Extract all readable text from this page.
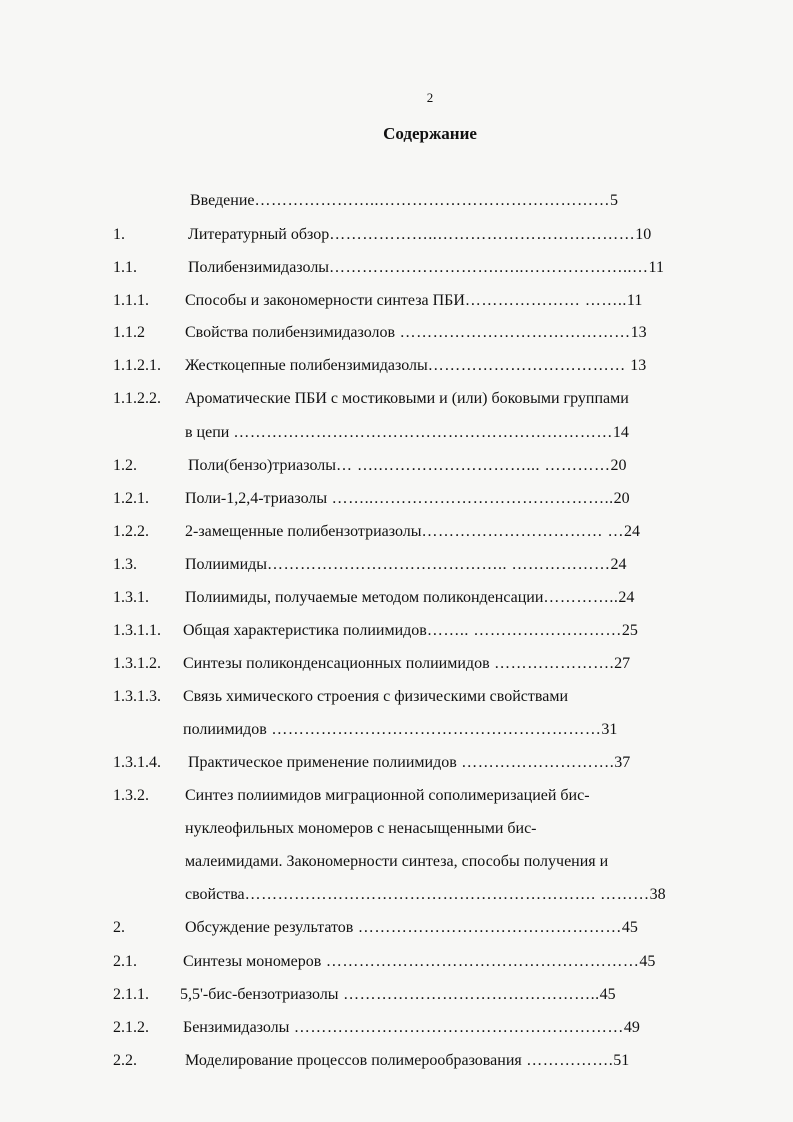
2
Содержание
Введение…………………..……………………………………5
1.	Литературный обзор………………..………………………………10
1.1.	Полибензимидазолы………………………….…..………………..…11
1.1.1. Способы и закономерности синтеза ПБИ………………… ……..11
1.1.2	Свойства полибензимидазолов ……………………………………13
1.1.2.1. Жесткоцепные полибензимидазолы……………………………… 13
1.1.2.2. Ароматические ПБИ с мостиковыми и (или) боковыми группами
в цепи ……………………………………………………………14
1.2.	Поли(бензо)триазолы… ….………………………... …………20
1.2.1. Поли-1,2,4-триазолы ……..……………………………………..20
1.2.2. 2-замещенные полибензотриазолы…………………………… …24
1.3.	Полиимиды…………………………………….. ………………24
1.3.1. Полиимиды, получаемые методом поликонденсации…………..24
1.3.1.1. Общая характеристика полиимидов…….. ………………………25
1.3.1.2. Синтезы поликонденсационных полиимидов ………………….27
1.3.1.3. Связь химического строения с физическими свойствами
полиимидов ……………………………………………………31
1.3.1.4. Практическое применение полиимидов ……………………….37
1.3.2. Синтез полиимидов миграционной сополимеризацией бис-
нуклеофильных мономеров с ненасыщенными бис-
малеимидами. Закономерности синтеза, способы получения и
свойства………………………………………………………. ………38
2.	Обсуждение результатов …………………………………………45
2.1.	Синтезы мономеров …………………………………………………45
2.1.1. 5,5'-бис-бензотриазолы ………………………………………..45
2.1.2. Бензимидазолы ……………………………………………………49
2.2.	Моделирование процессов полимерообразования …………….51
